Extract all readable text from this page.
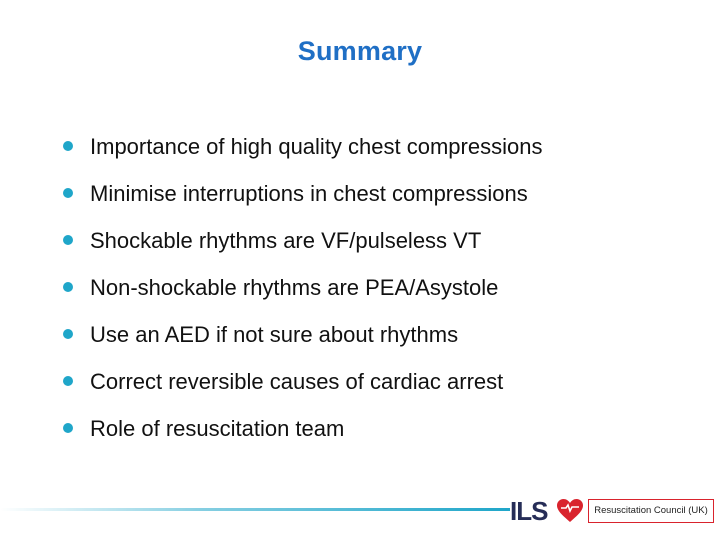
Summary
Importance of high quality chest compressions
Minimise interruptions in chest compressions
Shockable rhythms are VF/pulseless VT
Non-shockable rhythms are PEA/Asystole
Use an AED if not sure about rhythms
Correct reversible causes of cardiac arrest
Role of resuscitation team
ILS	Resuscitation Council (UK)
